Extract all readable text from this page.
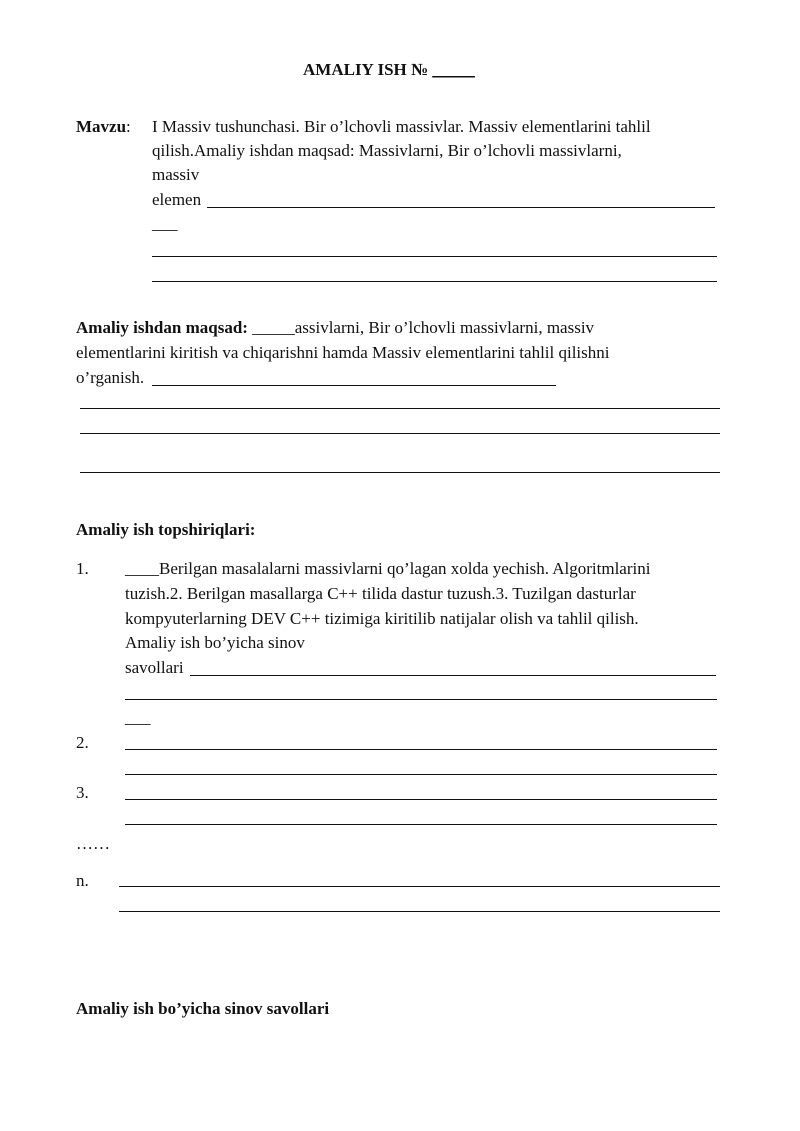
AMALIY ISH № _____
Mavzu: I Massiv tushunchasi. Bir o’lchovli massivlar. Massiv elementlarini tahlil
qilish.Amaliy ishdan maqsad: Massivlarni, Bir o’lchovli massivlarni,
massiv
elemen
___
Amaliy ishdan maqsad: _____assivlarni, Bir o’lchovli massivlarni, massiv
elementlarini kiritish va chiqarishni hamda Massiv elementlarini tahlil qilishni
o’rganish.
Amaliy ish topshiriqlari:
1. ____Berilgan masalalarni massivlarni qo’lagan xolda yechish. Algoritmlarini
tuzish.2. Berilgan masallarga C++ tilida dastur tuzush.3. Tuzilgan dasturlar
kompyuterlarning DEV C++ tizimiga kiritilib natijalar olish va tahlil qilish.
Amaliy ish bo’yicha sinov
savollari
___
2.
3.
……
n.
Amaliy ish bo’yicha sinov savollari
